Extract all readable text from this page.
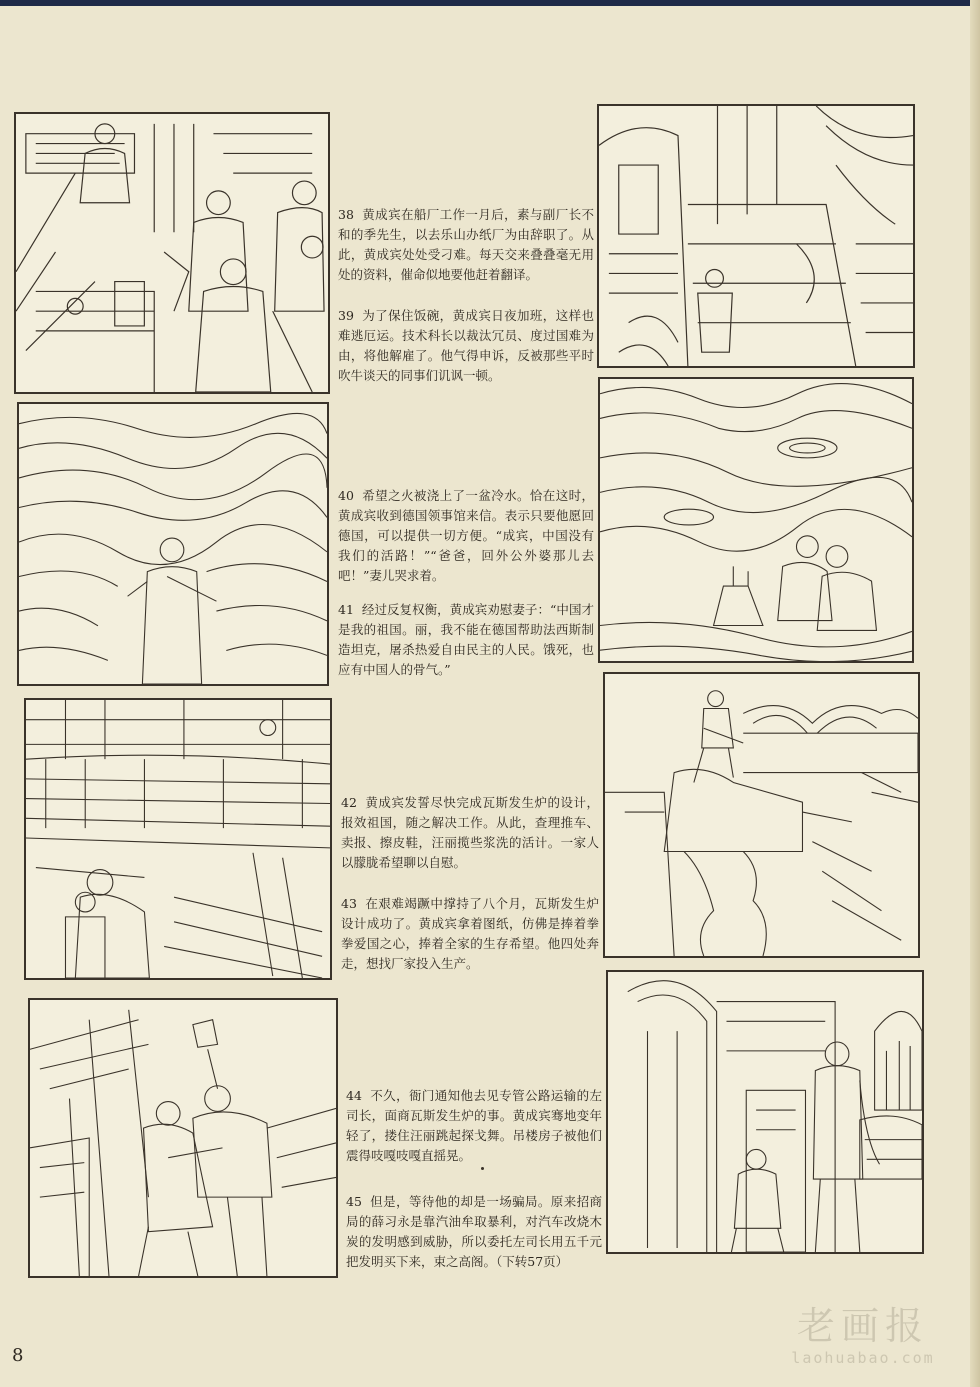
38 黄成宾在船厂工作一月后，素与副厂长不和的季先生，以去乐山办纸厂为由辞职了。从此，黄成宾处处受刁难。每天交来叠叠毫无用处的资料，催命似地要他赶着翻译。
39 为了保住饭碗，黄成宾日夜加班，这样也难逃厄运。技术科长以裁汰冗员、度过国难为由，将他解雇了。他气得申诉，反被那些平时吹牛谈天的同事们讥讽一顿。
40 希望之火被浇上了一盆冷水。恰在这时，黄成宾收到德国领事馆来信。表示只要他愿回德国，可以提供一切方便。“成宾，中国没有我们的活路！”“爸爸，回外公外婆那儿去吧！”妻儿哭求着。
41 经过反复权衡，黄成宾劝慰妻子：“中国才是我的祖国。丽，我不能在德国帮助法西斯制造坦克，屠杀热爱自由民主的人民。饿死，也应有中国人的骨气。”
42 黄成宾发誓尽快完成瓦斯发生炉的设计，报效祖国，随之解决工作。从此，查理推车、卖报、擦皮鞋，汪丽揽些浆洗的活计。一家人以朦胧希望聊以自慰。
43 在艰难竭蹶中撑持了八个月，瓦斯发生炉设计成功了。黄成宾拿着图纸，仿佛是捧着拳拳爱国之心，捧着全家的生存希望。他四处奔走，想找厂家投入生产。
44 不久，衙门通知他去见专管公路运输的左司长，面商瓦斯发生炉的事。黄成宾骞地变年轻了，搂住汪丽跳起探戈舞。吊楼房子被他们震得吱嘎吱嘎直摇晃。
45 但是，等待他的却是一场骗局。原来招商局的薛习永是靠汽油牟取暴利，对汽车改烧木炭的发明感到威胁，所以委托左司长用五千元把发明买下来，束之高阁。（下转57页）
8
老画报
laohuabao.com
